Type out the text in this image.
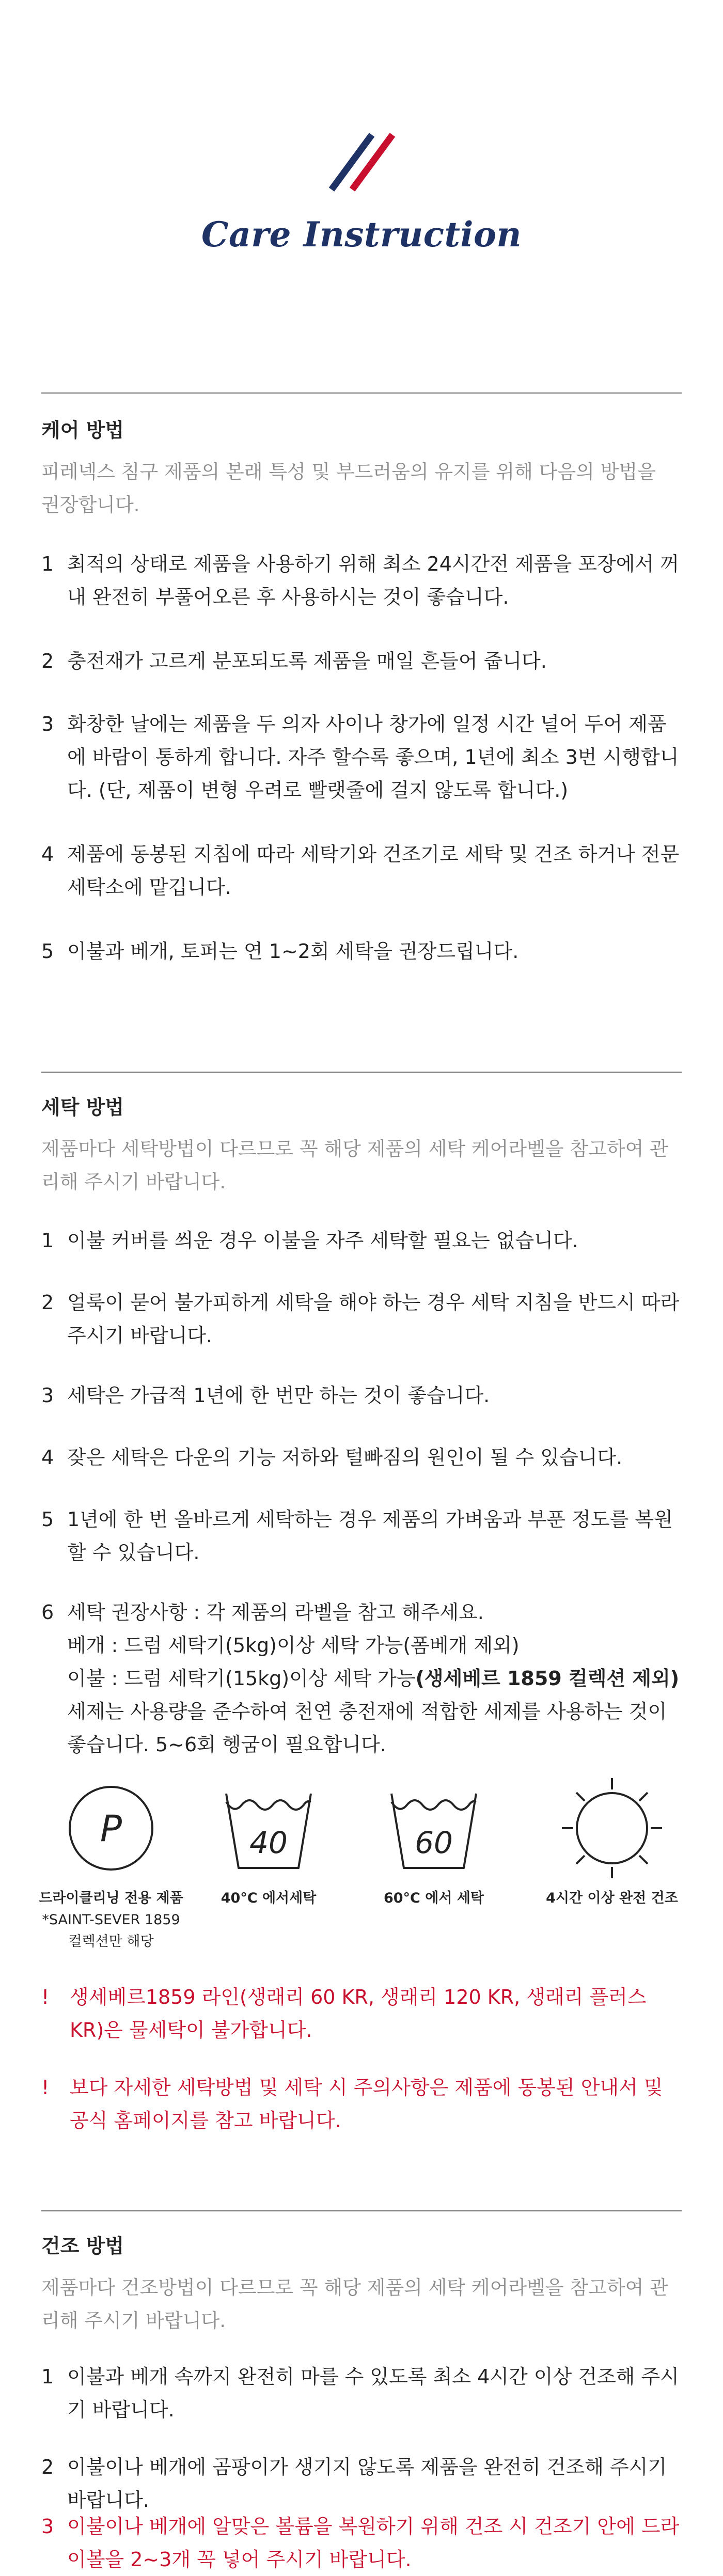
Care Instruction
케어 방법
피레넥스 침구 제품의 본래 특성 및 부드러움의 유지를 위해 다음의 방법을 권장합니다.
1 최적의 상태로 제품을 사용하기 위해 최소 24시간전 제품을 포장에서 꺼내 완전히 부풀어오른 후 사용하시는 것이 좋습니다.
2 충전재가 고르게 분포되도록 제품을 매일 흔들어 줍니다.
3 화창한 날에는 제품을 두 의자 사이나 창가에 일정 시간 널어 두어 제품에 바람이 통하게 합니다. 자주 할수록 좋으며, 1년에 최소 3번 시행합니다. (단, 제품이 변형 우려로 빨랫줄에 걸지 않도록 합니다.)
4 제품에 동봉된 지침에 따라 세탁기와 건조기로 세탁 및 건조 하거나 전문 세탁소에 맡깁니다.
5 이불과 베개, 토퍼는 연 1~2회 세탁을 권장드립니다.
세탁 방법
제품마다 세탁방법이 다르므로 꼭 해당 제품의 세탁 케어라벨을 참고하여 관리해 주시기 바랍니다.
1 이불 커버를 씌운 경우 이불을 자주 세탁할 필요는 없습니다.
2 얼룩이 묻어 불가피하게 세탁을 해야 하는 경우 세탁 지침을 반드시 따라 주시기 바랍니다.
3 세탁은 가급적 1년에 한 번만 하는 것이 좋습니다.
4 잦은 세탁은 다운의 기능 저하와 털빠짐의 원인이 될 수 있습니다.
5 1년에 한 번 올바르게 세탁하는 경우 제품의 가벼움과 부푼 정도를 복원할 수 있습니다.
6 세탁 권장사항 : 각 제품의 라벨을 참고 해주세요.
베개 : 드럼 세탁기(5kg)이상 세탁 가능(폼베개 제외)
이불 : 드럼 세탁기(15kg)이상 세탁 가능(생세베르 1859 컬렉션 제외)
세제는 사용량을 준수하여 천연 충전재에 적합한 세제를 사용하는 것이 좋습니다. 5~6회 헹굼이 필요합니다.
P	40	60
드라이클리닝 전용 제품
*SAINT-SEVER 1859
컬렉션만 해당
40°C 에서세탁	60°C 에서 세탁	4시간 이상 완전 건조
!	생세베르1859 라인(생래리 60 KR, 생래리 120 KR, 생래리 플러스 KR)은 물세탁이 불가합니다.
!	보다 자세한 세탁방법 및 세탁 시 주의사항은 제품에 동봉된 안내서 및 공식 홈페이지를 참고 바랍니다.
건조 방법
제품마다 건조방법이 다르므로 꼭 해당 제품의 세탁 케어라벨을 참고하여 관리해 주시기 바랍니다.
1 이불과 베개 속까지 완전히 마를 수 있도록 최소 4시간 이상 건조해 주시기 바랍니다.
2 이불이나 베개에 곰팡이가 생기지 않도록 제품을 완전히 건조해 주시기 바랍니다.
3 이불이나 베개에 알맞은 볼륨을 복원하기 위해 건조 시 건조기 안에 드라이볼을 2~3개 꼭 넣어 주시기 바랍니다.
